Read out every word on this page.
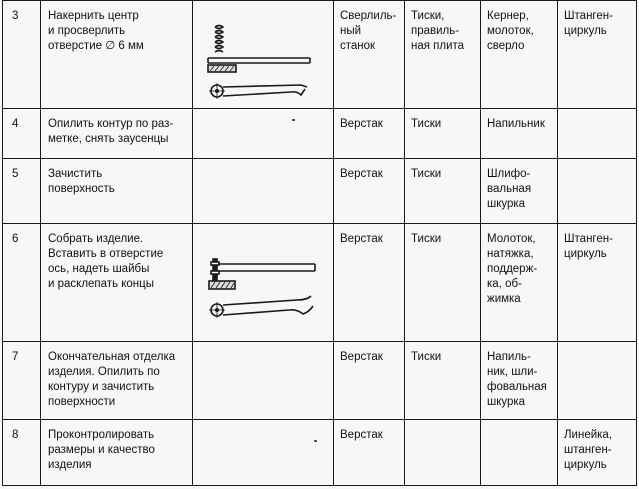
3	Накернить центр
и просверлить
отверстие ∅ 6 мм		Сверлиль-
ный
станок	Тиски,
правиль-
ная плита	Кернер,
молоток,
сверло	Штанген-
циркуль

4	Опилить контур по раз-
метке, снять заусенцы		Верстак	Тиски	Напильник	

5	Зачистить
поверхность		Верстак	Тиски	Шлифо-
вальная
шкурка	

6	Собрать изделие.
Вставить в отверстие
ось, надеть шайбы
и расклепать концы		Верстак	Тиски	Молоток,
натяжка,
поддерж-
ка, об-
жимка	Штанген-
циркуль

7	Окончательная отделка
изделия. Опилить по
контуру и зачистить
поверхности		Верстак	Тиски	Напиль-
ник, шли-
фовальная
шкурка	

8	Проконтролировать
размеры и качество
изделия		Верстак			Линейка,
штанген-
циркуль
